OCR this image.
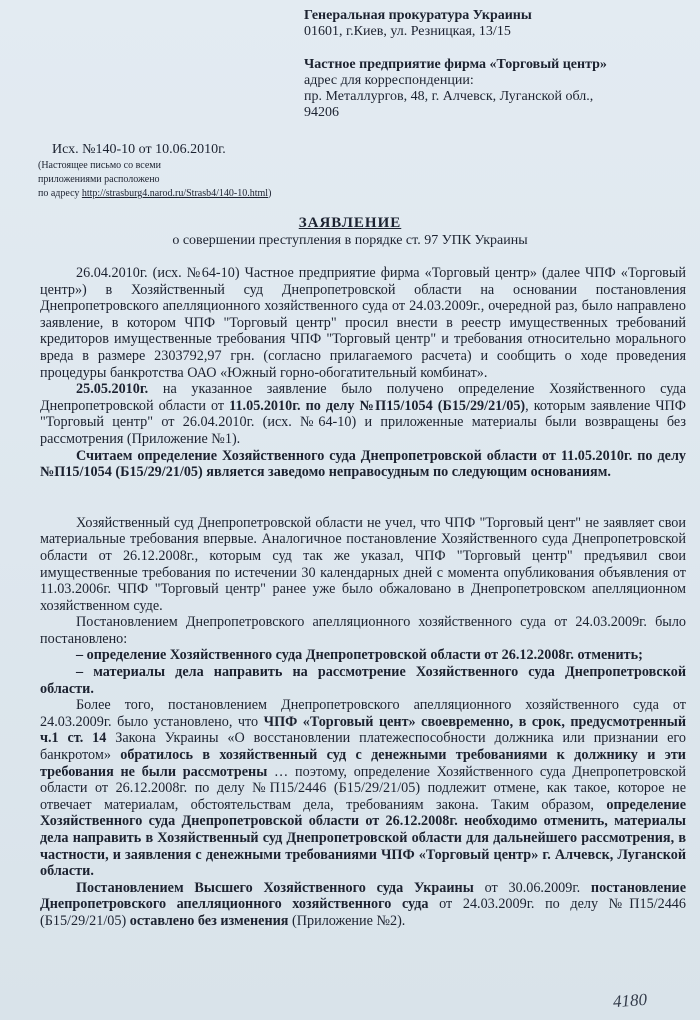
Генеральная прокуратура Украины
01601, г.Киев, ул. Резницкая, 13/15
Частное предприятие фирма «Торговый центр»
адрес для корреспонденции:
пр. Металлургов, 48, г. Алчевск, Луганской обл.,
94206
Исх. №140-10 от 10.06.2010г.
(Настоящее письмо со всеми
приложениями расположено
по адресу http://strasburg4.narod.ru/Strasb4/140-10.html)
ЗАЯВЛЕНИЕ
о совершении преступления в порядке ст. 97 УПК Украины

26.04.2010г. (исх. №64-10) Частное предприятие фирма «Торговый центр» (далее ЧПФ «Торговый центр») в Хозяйственный суд Днепропетровской области на основании постановления Днепропетровского апелляционного хозяйственного суда от 24.03.2009г., очередной раз, было направлено заявление, в котором ЧПФ "Торговый центр" просил внести в реестр имущественных требований кредиторов имущественные требования ЧПФ "Торговый центр" и требования относительно морального вреда в размере 2303792,97 грн. (согласно прилагаемого расчета) и сообщить о ходе проведения процедуры банкротства ОАО «Южный горно-обогатительный комбинат».

25.05.2010г. на указанное заявление было получено определение Хозяйственного суда Днепропетровской области от 11.05.2010г. по делу №П15/1054 (Б15/29/21/05), которым заявление ЧПФ "Торговый центр" от 26.04.2010г. (исх. №64-10) и приложенные материалы были возвращены без рассмотрения (Приложение №1).

Считаем определение Хозяйственного суда Днепропетровской области от 11.05.2010г. по делу №П15/1054 (Б15/29/21/05) является заведомо неправосудным по следующим основаниям.

Хозяйственный суд Днепропетровской области не учел, что ЧПФ "Торговый цент" не заявляет свои материальные требования впервые. Аналогичное постановление Хозяйственного суда Днепропетровской области от 26.12.2008г., которым суд так же указал, ЧПФ "Торговый центр" предъявил свои имущественные требования по истечении 30 календарных дней с момента опубликования объявления от 11.03.2006г. ЧПФ "Торговый центр" ранее уже было обжаловано в Днепропетровском апелляционном хозяйственном суде.

Постановлением Днепропетровского апелляционного хозяйственного суда от 24.03.2009г. было постановлено:

– определение Хозяйственного суда Днепропетровской области от 26.12.2008г. отменить;

– материалы дела направить на рассмотрение Хозяйственного суда Днепропетровской области.

Более того, постановлением Днепропетровского апелляционного хозяйственного суда от 24.03.2009г. было установлено, что ЧПФ «Торговый цент» своевременно, в срок, предусмотренный ч.1 ст. 14 Закона Украины «О восстановлении платежеспособности должника или признании его банкротом» обратилось в хозяйственный суд с денежными требованиями к должнику и эти требования не были рассмотрены … поэтому, определение Хозяйственного суда Днепропетровской области от 26.12.2008г. по делу №П15/2446 (Б15/29/21/05) подлежит отмене, как такое, которое не отвечает материалам, обстоятельствам дела, требованиям закона. Таким образом, определение Хозяйственного суда Днепропетровской области от 26.12.2008г. необходимо отменить, материалы дела направить в Хозяйственный суд Днепропетровской области для дальнейшего рассмотрения, в частности, и заявления с денежными требованиями ЧПФ «Торговый центр» г. Алчевск, Луганской области.

Постановлением Высшего Хозяйственного суда Украины от 30.06.2009г. постановление Днепропетровского апелляционного хозяйственного суда от 24.03.2009г. по делу №П15/2446 (Б15/29/21/05) оставлено без изменения (Приложение №2).

4180
